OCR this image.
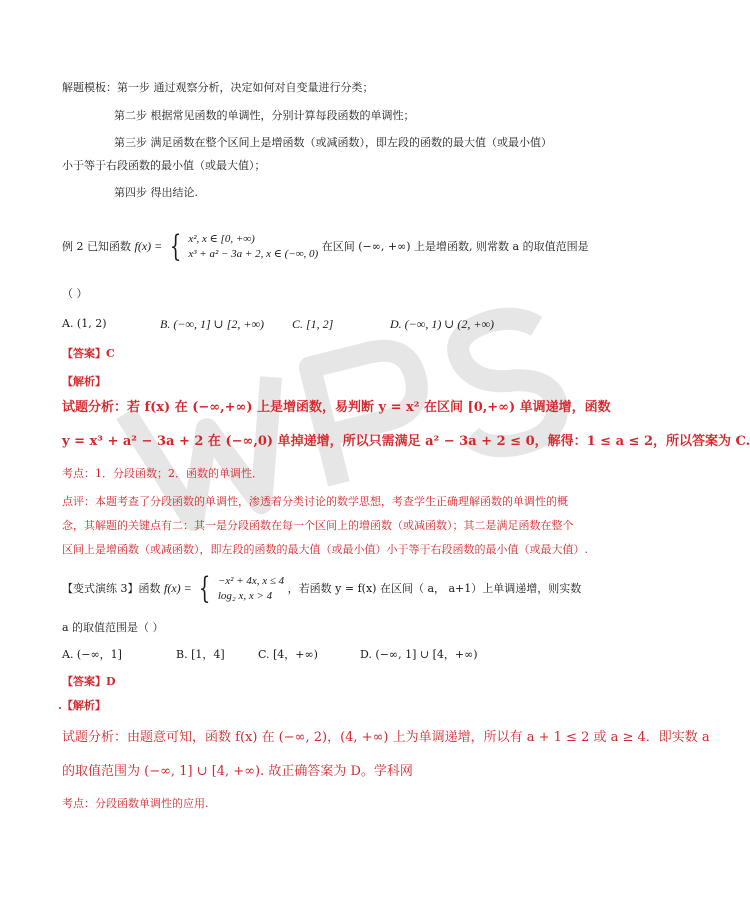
解题模板：第一步 通过观察分析，决定如何对自变量进行分类；
第二步 根据常见函数的单调性，分别计算每段函数的单调性；
第三步 满足函数在整个区间上是增函数（或减函数），即左段的函数的最大值（或最小值）
小于等于右段函数的最小值（或最大值）；
第四步 得出结论.
例 2 已知函数 f(x) = { x², x ∈ [0, +∞)
x³ + a² − 3a + 2, x ∈ (−∞, 0)
在区间 (−∞, +∞) 上是增函数, 则常数 a 的取值范围是
（ ）
A. (1, 2)	B. (−∞, 1] ∪ [2, +∞) C. [1, 2]	D. (−∞, 1) ∪ (2, +∞)
【答案】C
【解析】
试题分析：若 f(x) 在 (−∞,+∞) 上是增函数，易判断 y = x² 在区间 [0,+∞) 单调递增，函数
y = x³ + a² − 3a + 2 在 (−∞,0) 单掉递增，所以只需满足 a² − 3a + 2 ≤ 0，解得：1 ≤ a ≤ 2，所以答案为 C.
考点：1．分段函数；2．函数的单调性．
点评：本题考查了分段函数的单调性，渗透着分类讨论的数学思想，考查学生正确理解函数的单调性的概
念，其解题的关键点有二：其一是分段函数在每一个区间上的增函数（或减函数）；其二是满足函数在整个
区间上是增函数（或减函数），即左段的函数的最大值（或最小值）小于等于右段函数的最小值（或最大值）.
【变式演练 3】函数 f(x) = { −x² + 4x, x ≤ 4
log₂ x, x > 4
，若函数 y = f(x) 在区间（ a， a+1）上单调递增，则实数
a 的取值范围是（ ）
A. (−∞，1]	B. [1，4]	C. [4，+∞)	D. (−∞, 1] ∪ [4，+∞)
【答案】D
.【解析】
试题分析：由题意可知，函数 f(x) 在 (−∞, 2)，(4, +∞) 上为单调递增，所以有 a + 1 ≤ 2 或 a ≥ 4．即实数 a
的取值范围为 (−∞, 1] ∪ [4, +∞). 故正确答案为 D。学科网
考点：分段函数单调性的应用.
